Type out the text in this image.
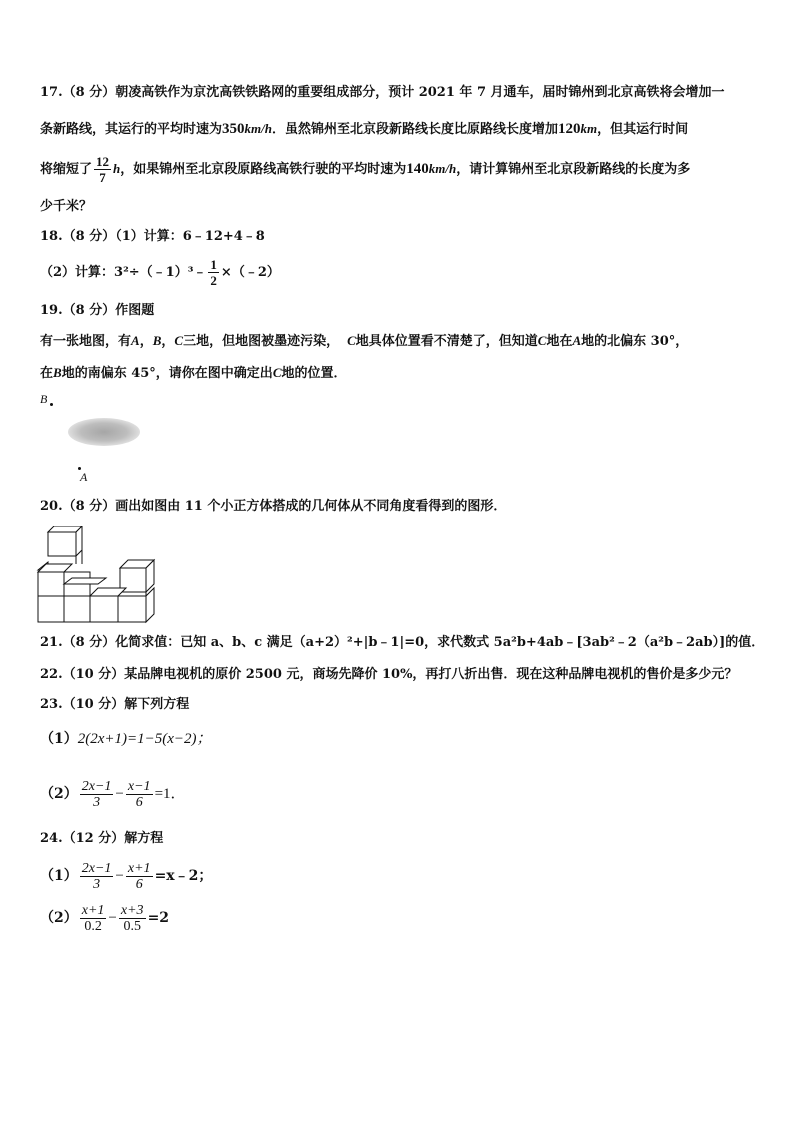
17.（8 分）朝凌高铁作为京沈高铁铁路网的重要组成部分，预计 2021 年 7 月通车，届时锦州到北京高铁将会增加一
条新路线，其运行的平均时速为350km/h．虽然锦州至北京段新路线长度比原路线长度增加120km，但其运行时间
将缩短了 $\frac{12}{7}$ h，如果锦州至北京段原路线高铁行驶的平均时速为140km/h，请计算锦州至北京段新路线的长度为多
少千米？
18.（8 分）（1）计算：6﹣12+4﹣8
（2）计算：3²÷（﹣1）³﹣ $\frac{1}{2}$ ×（﹣2）
19.（8 分）作图题
有一张地图，有A，B，C三地，但地图被墨迹污染， C地具体位置看不清楚了，但知道C地在A地的北偏东 30°，
在B地的南偏东 45°，请你在图中确定出C地的位置．
B
A
20.（8 分）画出如图由 11 个小正方体搭成的几何体从不同角度看得到的图形．
21.（8 分）化简求值：已知 a、b、c 满足（a+2）²+|b﹣1|=0，求代数式 5a²b+4ab﹣[3ab²﹣2（a²b﹣2ab）]的值．
22.（10 分）某品牌电视机的原价 2500 元，商场先降价 10%，再打八折出售．现在这种品牌电视机的售价是多少元？
23.（10 分）解下列方程
（1）2(2x+1)=1−5(x−2)；
$(2) \frac{2x-1}{3} - \frac{x-1}{6} =1$．
24.（12 分）解方程
$(1) \frac{2x-1}{3} - \frac{x+1}{6}$ =x﹣2；
$(2) \frac{x+1}{0.2} - \frac{x+3}{0.5} =2$
